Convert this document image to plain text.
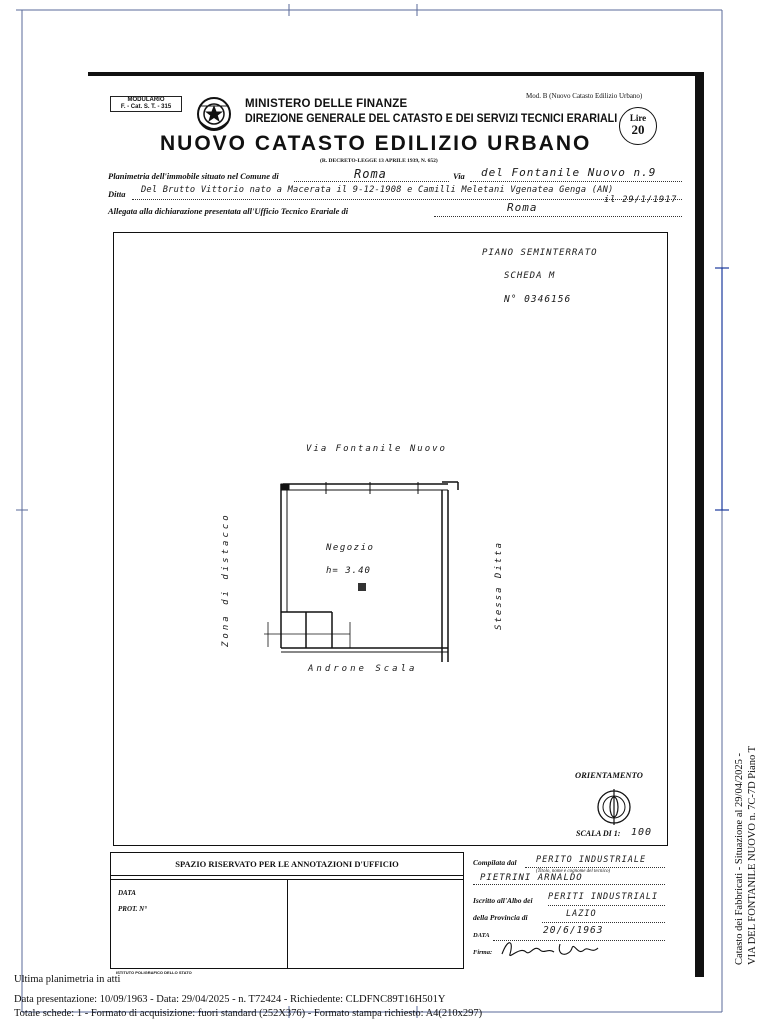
Catasto dei Fabbricati - Situazione al 29/04/2025 - VIA DEL FONTANILE NUOVO n. 7C-7D Piano T
MODULARIO
F. - Cat. S. T. - 315	MINISTERO DELLE FINANZE
DIREZIONE GENERALE DEL CATASTO E DEI SERVIZI TECNICI ERARIALI
Mod. B (Nuovo Catasto Edilizio Urbano)
Lire
20
NUOVO CATASTO EDILIZIO URBANO
(R. DECRETO-LEGGE 13 APRILE 1939, N. 652)
Planimetria dell'immobile situato nel Comune di	Roma	Via del Fontanile Nuovo n.9
Ditta Del Brutto Vittorio nato a Macerata il 9-12-1908 e Camilli Meletani Vgenatea Genga (AN)
il 29/1/1917
Allegata alla dichiarazione presentata all'Ufficio Tecnico Erariale di	Roma
PIANO SEMINTERRATO
SCHEDA M
N° 0346156
Via Fontanile Nuovo
Negozio
h= 3.40
Zona di distacco	Stessa Ditta
Androne Scala
ORIENTAMENTO
SCALA DI 1: 100
SPAZIO RISERVATO PER LE ANNOTAZIONI D'UFFICIO
DATA
PROT. N°
Compilata dal PERITO INDUSTRIALE
(Titolo, nome e cognome del tecnico)
PIETRINI ARNALDO
Iscritto all'Albo dei PERITI INDUSTRIALI
della Provincia di	LAZIO
DATA	20/6/1963
Firma:
ISTITUTO POLIGRAFICO DELLO STATO
Ultima planimetria in atti
Data presentazione: 10/09/1963 - Data: 29/04/2025 - n. T72424 - Richiedente: CLDFNC89T16H501Y
Totale schede: 1 - Formato di acquisizione: fuori standard (252X376) - Formato stampa richiesto: A4(210x297)
